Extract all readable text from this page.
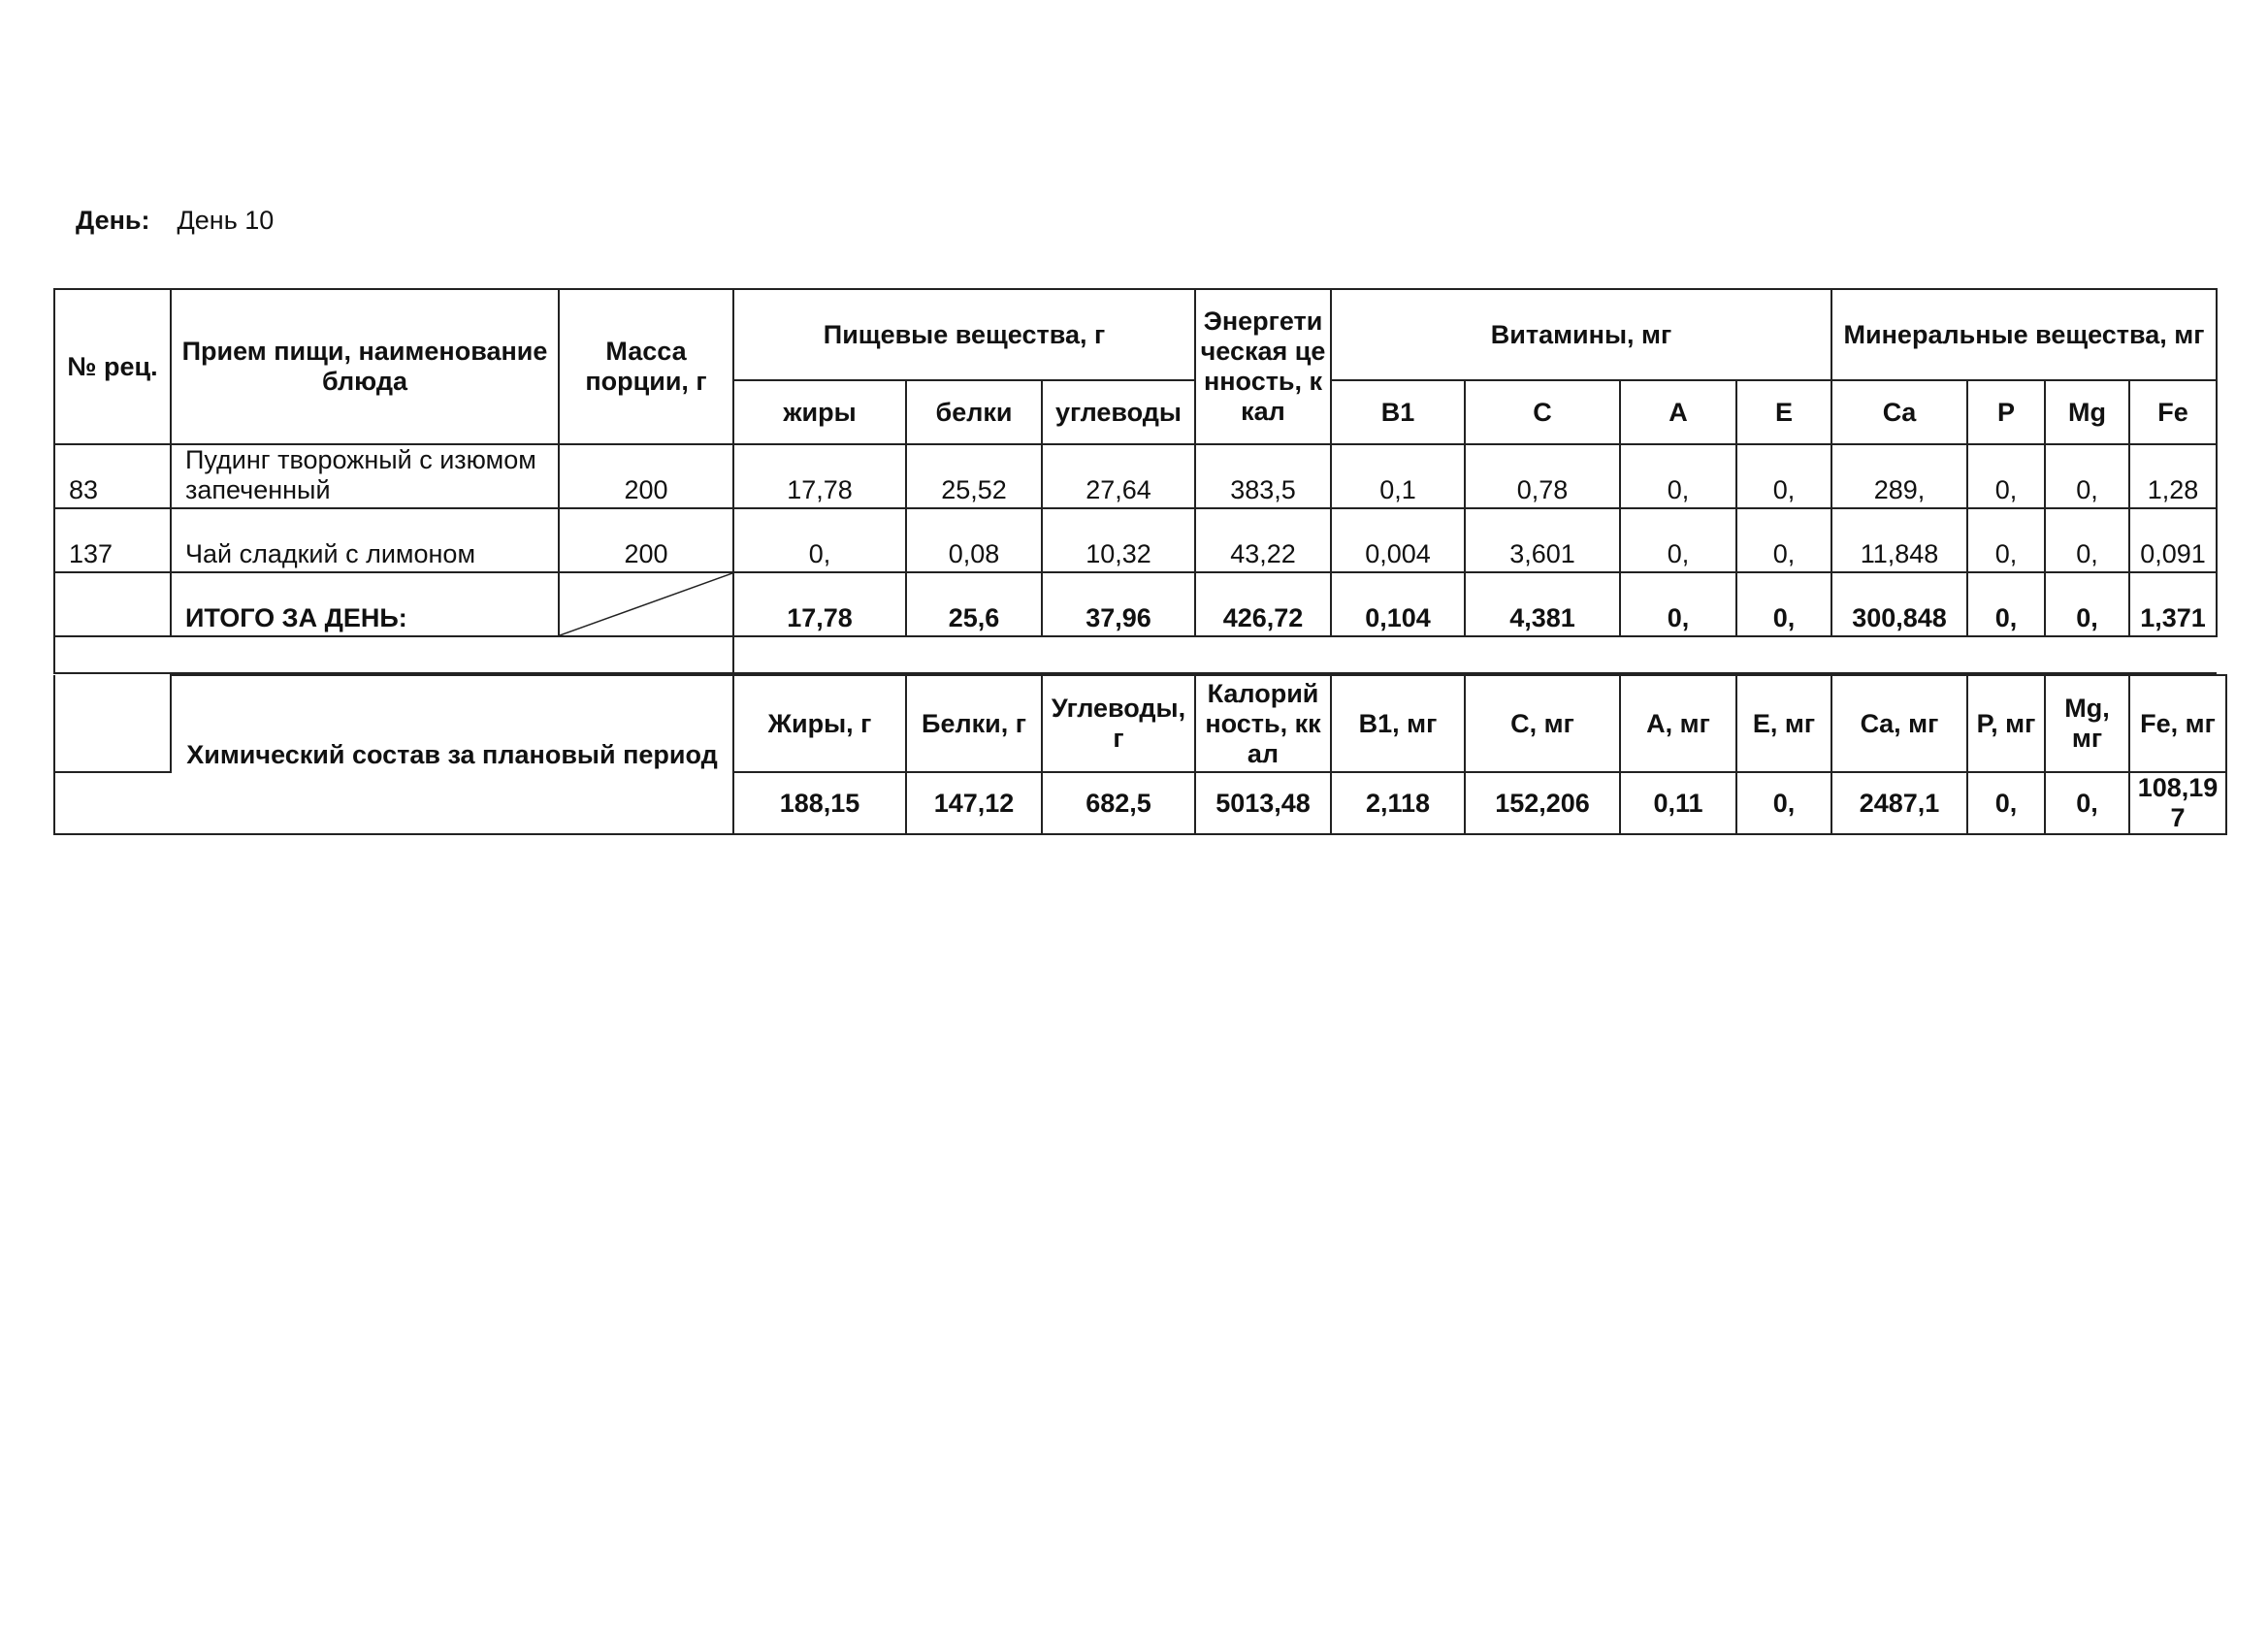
День: День 10
№ рец.	Прием пищи, наименование блюда	Масса порции, г	Пищевые вещества, г			Энергетическая ценность, ккал	Витамины, мг				Минеральные вещества, мг			
			жиры	белки	углеводы		B1	C	A	E	Ca	P	Mg	Fe
83	Пудинг творожный с изюмом запеченный	200	17,78	25,52	27,64	383,5	0,1	0,78	0,	0,	289,	0,	0,	1,28
137	Чай сладкий с лимоном	200	0,	0,08	10,32	43,22	0,004	3,601	0,	0,	11,848	0,	0,	0,091
	ИТОГО ЗА ДЕНЬ:		17,78	25,6	37,96	426,72	0,104	4,381	0,	0,	300,848	0,	0,	1,371

	Химический состав за плановый период	Жиры, г	Белки, г	Углеводы, г	Калорийность, ккал	B1, мг	C, мг	A, мг	E, мг	Ca, мг	P, мг	Mg, мг	Fe, мг
		188,15	147,12	682,5	5013,48	2,118	152,206	0,11	0,	2487,1	0,	0,	108,197
